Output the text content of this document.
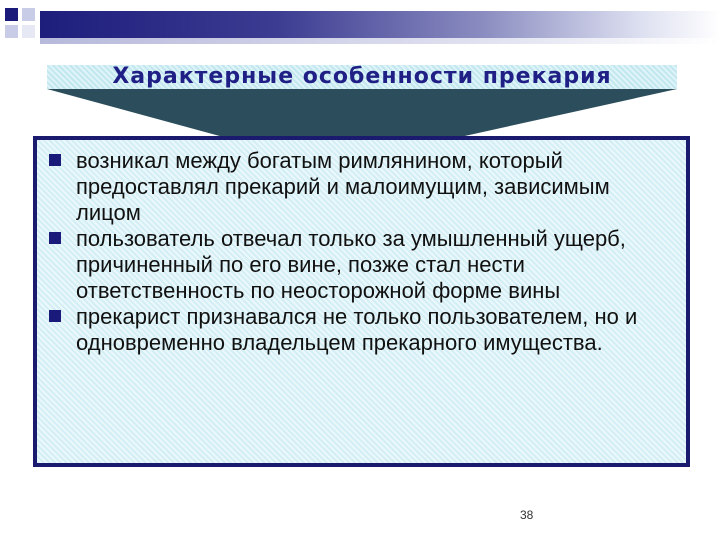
Характерные особенности прекария
возникал между богатым римлянином, который предоставлял прекарий и малоимущим, зависимым лицом
пользователь отвечал только за умышленный ущерб, причиненный по его вине, позже стал нести ответственность по неосторожной форме вины
прекарист признавался не только пользователем, но и одновременно владельцем прекарного имущества.
38
